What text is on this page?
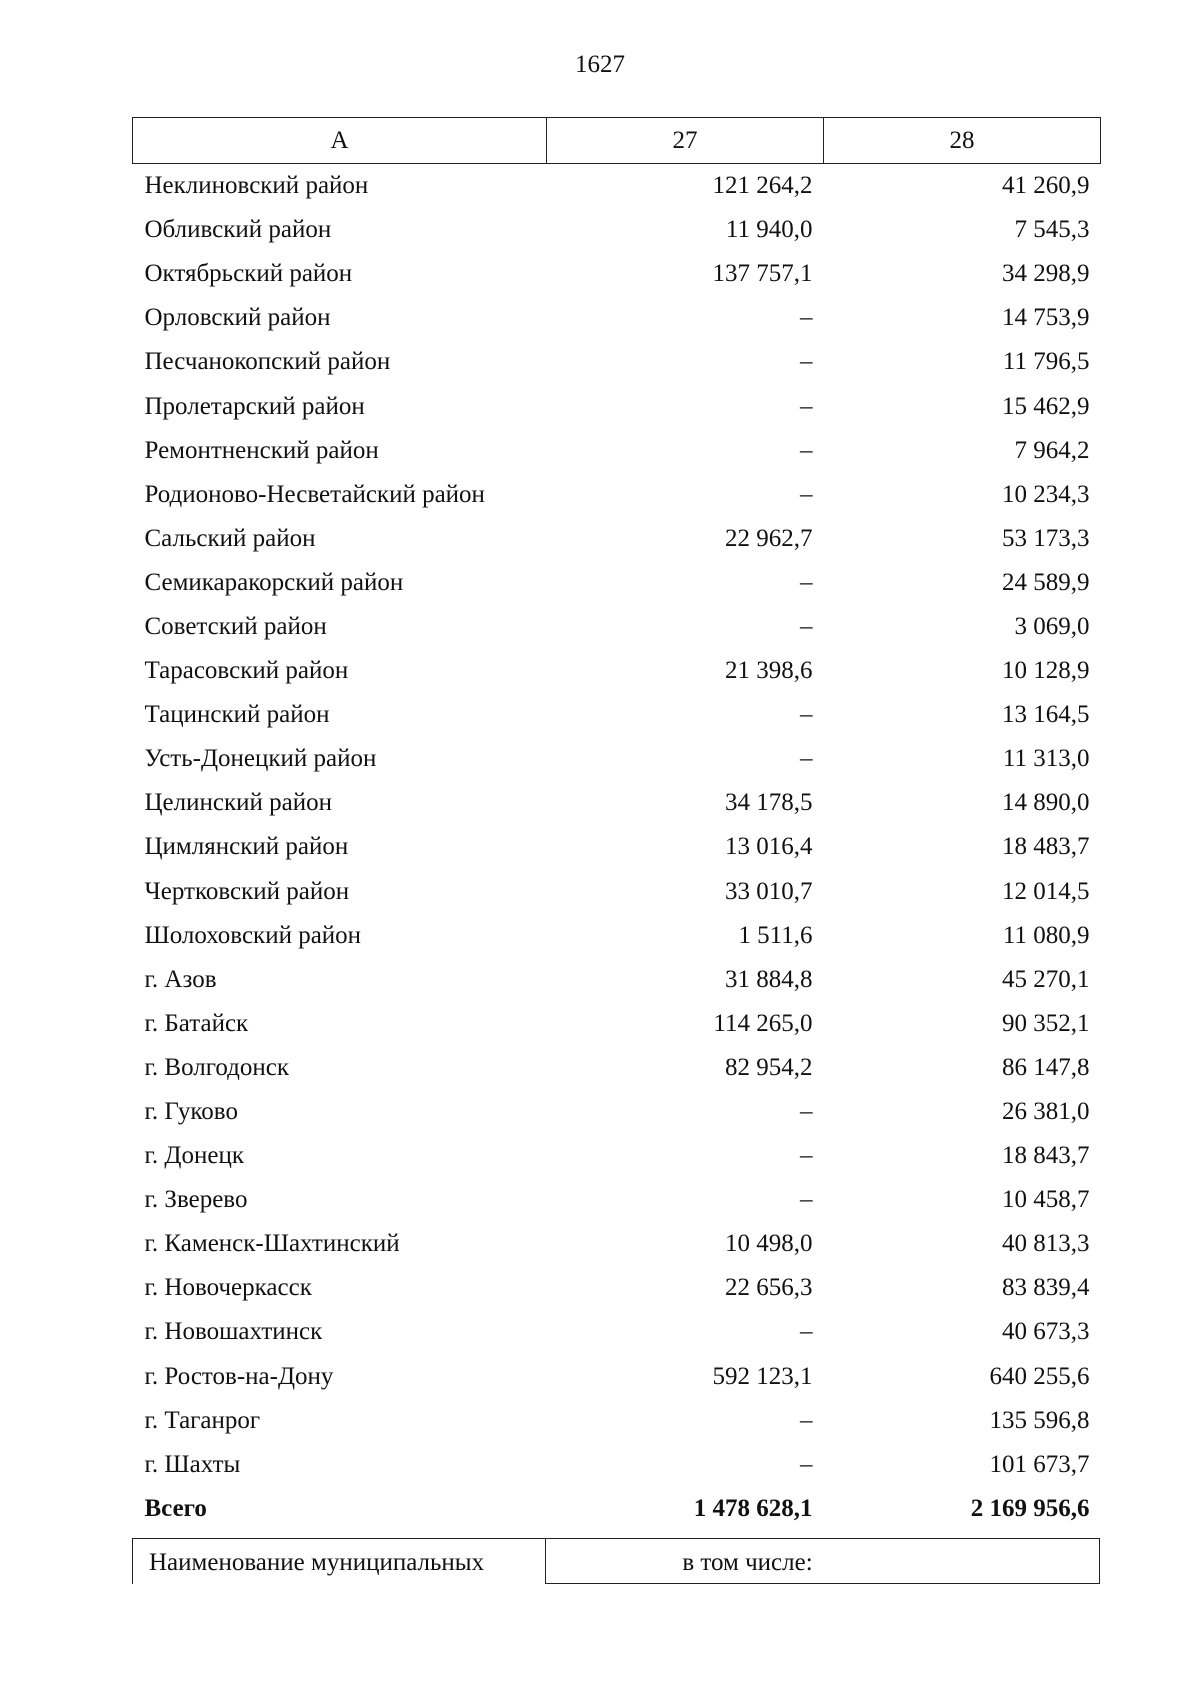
1627
А	27	28
Неклиновский район	121 264,2	41 260,9
Обливский район	11 940,0	7 545,3
Октябрьский район	137 757,1	34 298,9
Орловский район	–	14 753,9
Песчанокопский район	–	11 796,5
Пролетарский район	–	15 462,9
Ремонтненский район	–	7 964,2
Родионово-Несветайский район	–	10 234,3
Сальский район	22 962,7	53 173,3
Семикаракорский район	–	24 589,9
Советский район	–	3 069,0
Тарасовский район	21 398,6	10 128,9
Тацинский район	–	13 164,5
Усть-Донецкий район	–	11 313,0
Целинский район	34 178,5	14 890,0
Цимлянский район	13 016,4	18 483,7
Чертковский район	33 010,7	12 014,5
Шолоховский район	1 511,6	11 080,9
г. Азов	31 884,8	45 270,1
г. Батайск	114 265,0	90 352,1
г. Волгодонск	82 954,2	86 147,8
г. Гуково	–	26 381,0
г. Донецк	–	18 843,7
г. Зверево	–	10 458,7
г. Каменск-Шахтинский	10 498,0	40 813,3
г. Новочеркасск	22 656,3	83 839,4
г. Новошахтинск	–	40 673,3
г. Ростов-на-Дону	592 123,1	640 255,6
г. Таганрог	–	135 596,8
г. Шахты	–	101 673,7
Всего	1 478 628,1	2 169 956,6
Наименование муниципальных	в том числе:
